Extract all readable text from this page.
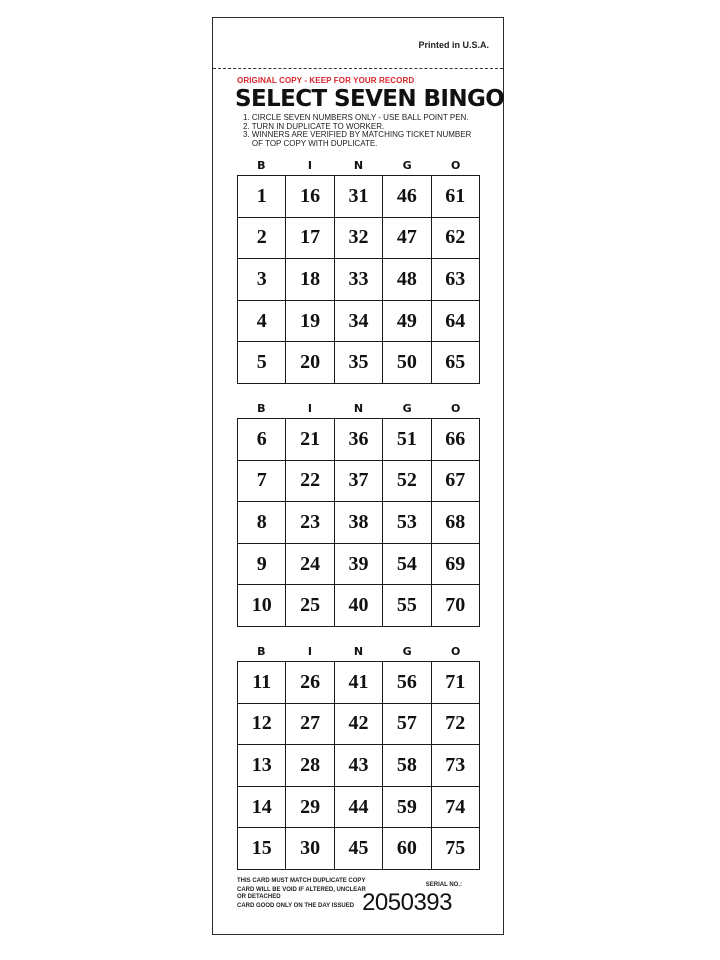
Printed in U.S.A.
ORIGINAL COPY - KEEP FOR YOUR RECORD
SELECT SEVEN BINGO
1. CIRCLE SEVEN NUMBERS ONLY - USE BALL POINT PEN.
2. TURN IN DUPLICATE TO WORKER.
3. WINNERS ARE VERIFIED BY MATCHING TICKET NUMBER
OF TOP COPY WITH DUPLICATE.
B	I	N	G	O
1	16	31	46	61
2	17	32	47	62
3	18	33	48	63
4	19	34	49	64
5	20	35	50	65
B	I	N	G	O
6	21	36	51	66
7	22	37	52	67
8	23	38	53	68
9	24	39	54	69
10	25	40	55	70
B	I	N	G	O
11	26	41	56	71
12	27	42	57	72
13	28	43	58	73
14	29	44	59	74
15	30	45	60	75
THIS CARD MUST MATCH DUPLICATE COPY
CARD WILL BE VOID IF ALTERED, UNCLEAR
OR DETACHED
CARD GOOD ONLY ON THE DAY ISSUED
SERIAL NO.:
2050393
